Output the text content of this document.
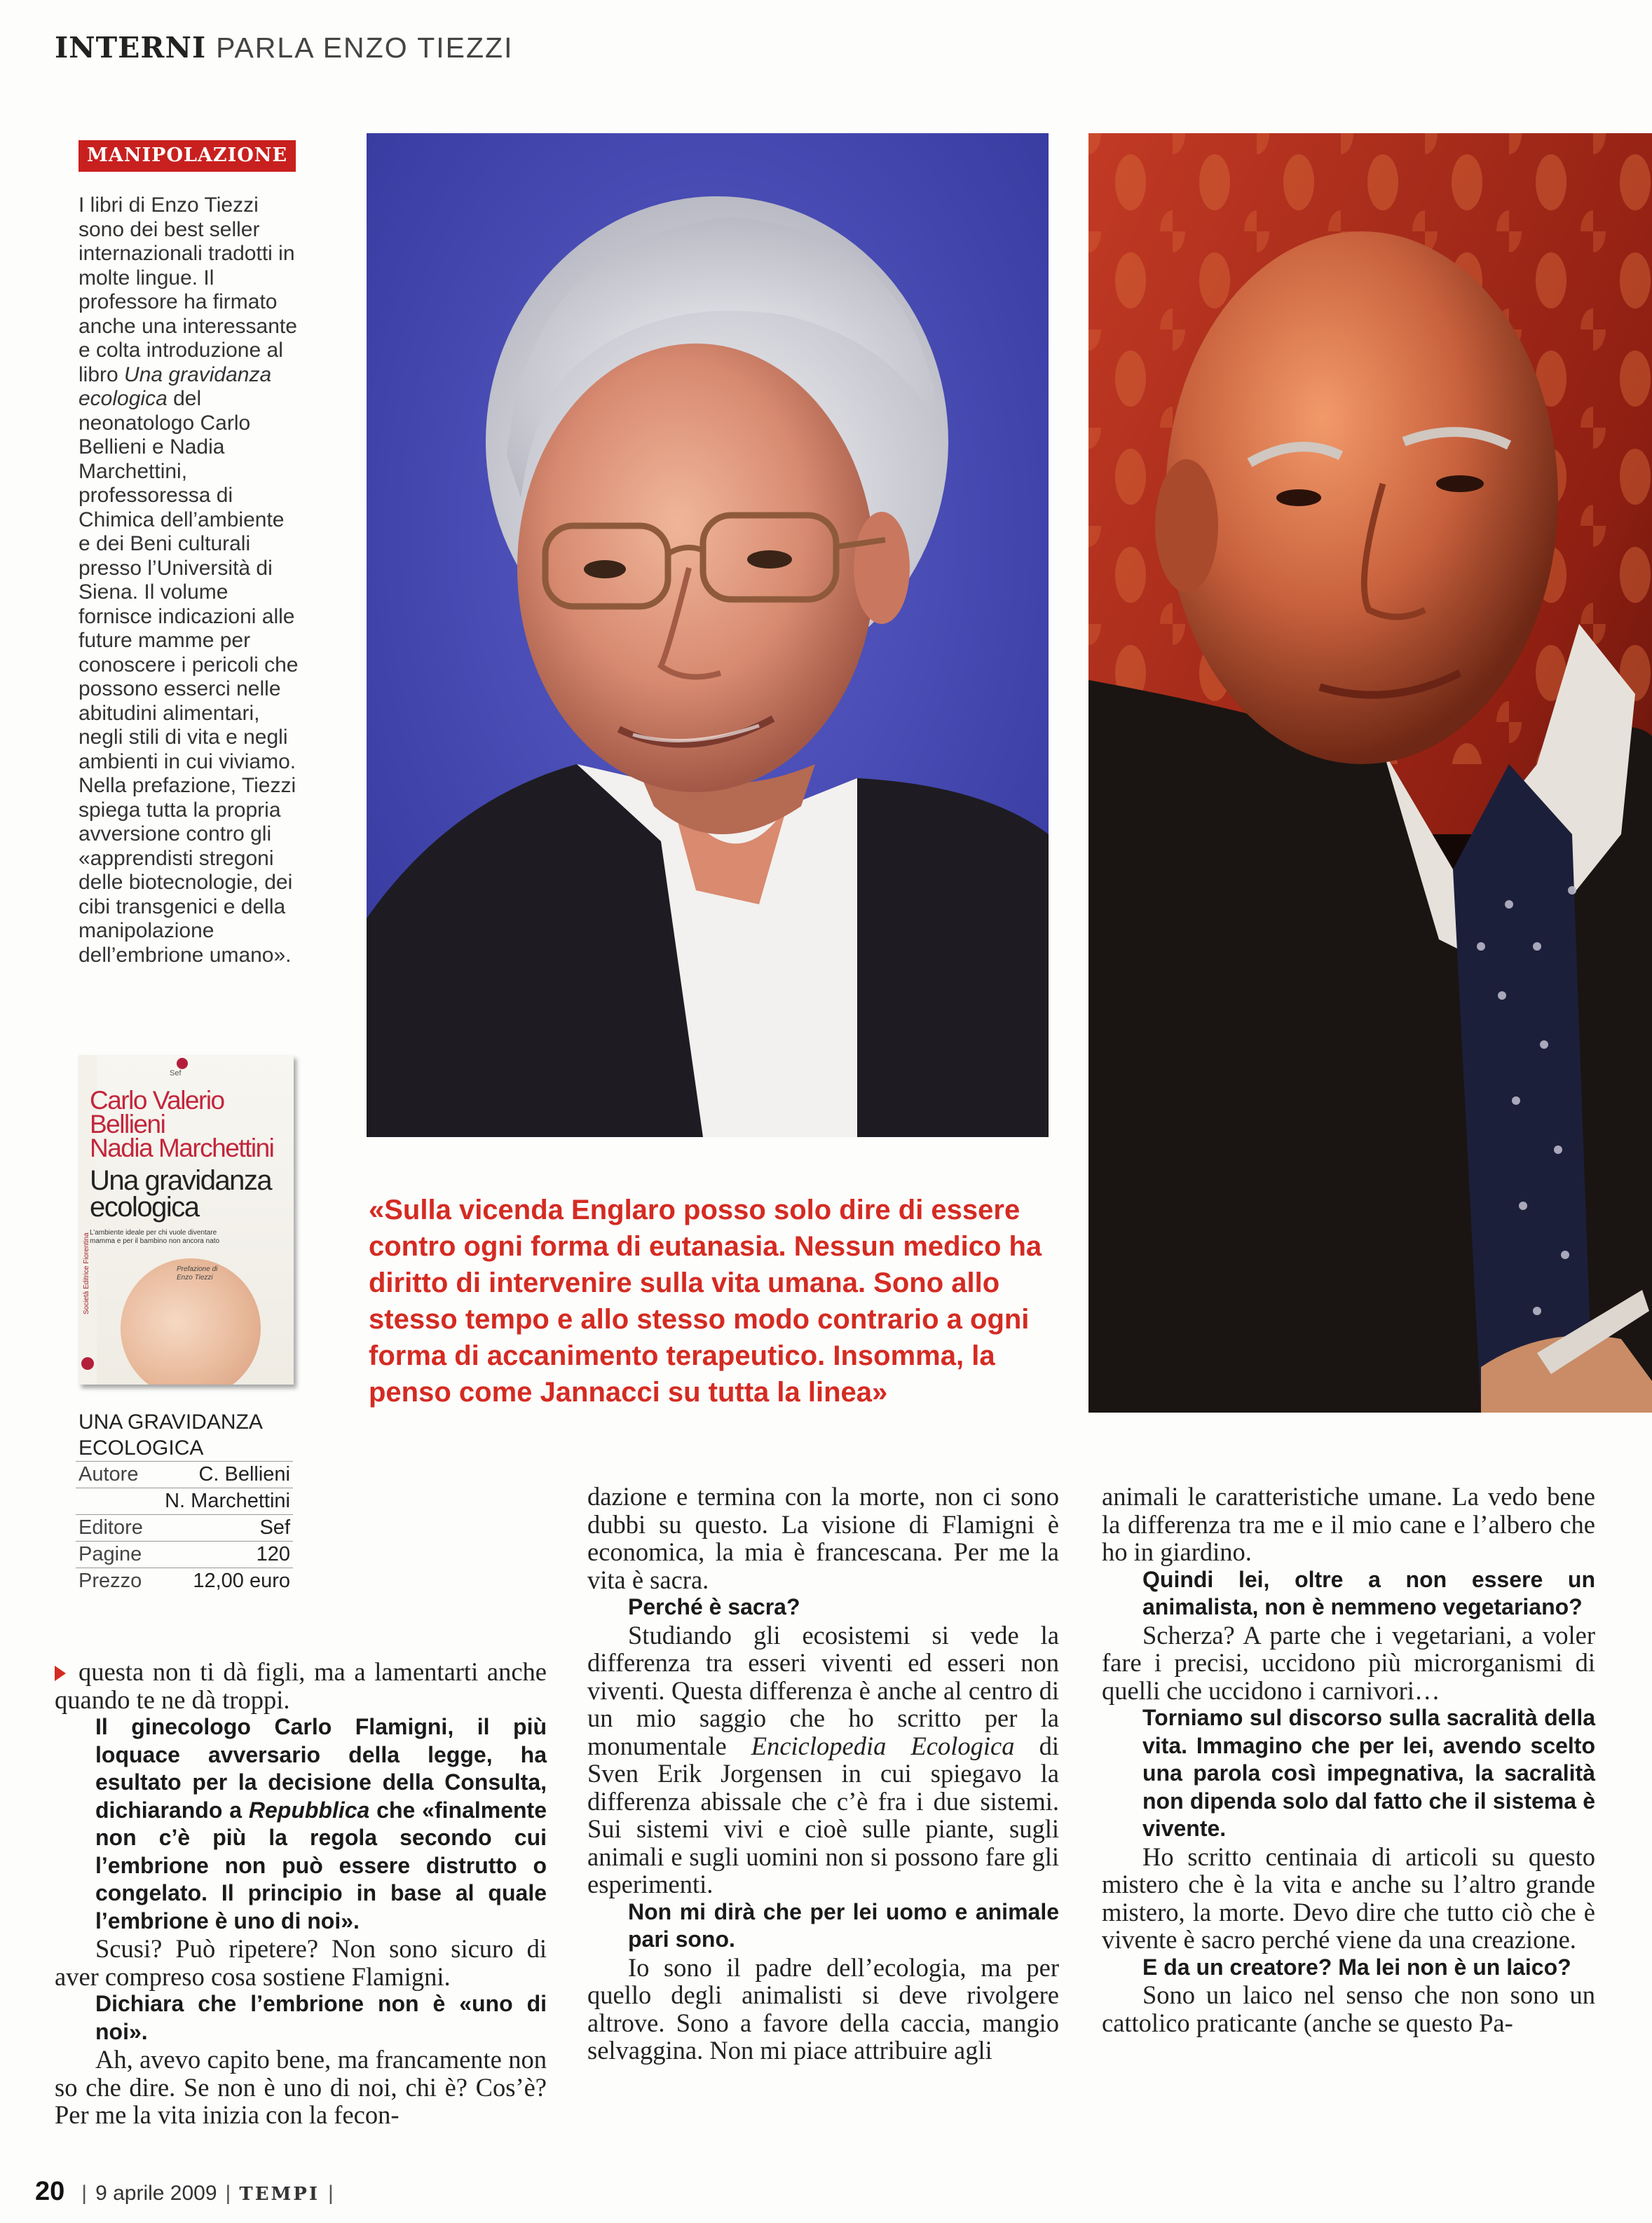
INTERNI PARLA ENZO TIEZZI
MANIPOLAZIONE
I libri di Enzo Tiezzi sono dei best seller internazionali tradotti in molte lingue. Il professore ha firmato anche una interessante e colta introduzione al libro Una gravidanza ecologica del neonatologo Carlo Bellieni e Nadia Marchettini, professoressa di Chimica dell’ambiente e dei Beni culturali presso l’Università di Siena. Il volume fornisce indicazioni alle future mamme per conoscere i pericoli che possono esserci nelle abitudini alimentari, negli stili di vita e negli ambienti in cui viviamo. Nella prefazione, Tiezzi spiega tutta la propria avversione contro gli «apprendisti stregoni delle biotecnologie, dei cibi transgenici e della manipolazione dell’embrione umano».
Società Editrice Fiorentina
Sef
Carlo Valerio
Bellieni
Nadia Marchettini
Una gravidanza
ecologica
L’ambiente ideale per chi vuole diventare mamma e per il bambino non ancora nato
Prefazione di
Enzo Tiezzi
UNA GRAVIDANZA
ECOLOGICA
Autore	C. Bellieni
	N. Marchettini
Editore	Sef
Pagine	120
Prezzo	12,00 euro
«Sulla vicenda Englaro posso solo dire di essere contro ogni forma di eutanasia. Nessun medico ha diritto di intervenire sulla vita umana. Sono allo stesso tempo e allo stesso modo contrario a ogni forma di accanimento terapeutico. Insomma, la penso come Jannacci su tutta la linea»

questa non ti dà figli, ma a lamentarti anche quando te ne dà troppi.

Il ginecologo Carlo Flamigni, il più loquace avversario della legge, ha esultato per la decisione della Consulta, dichiarando a Repubblica che «finalmente non c’è più la regola secondo cui l’embrione non può essere distrutto o congelato. Il principio in base al quale l’embrione è uno di noi».

Scusi? Può ripetere? Non sono sicuro di aver compreso cosa sostiene Flamigni.

Dichiara che l’embrione non è «uno di noi».

Ah, avevo capito bene, ma francamente non so che dire. Se non è uno di noi, chi è? Cos’è? Per me la vita inizia con la fecon-

dazione e termina con la morte, non ci sono dubbi su questo. La visione di Flamigni è economica, la mia è francescana. Per me la vita è sacra.

Perché è sacra?

Studiando gli ecosistemi si vede la differenza tra esseri viventi ed esseri non viventi. Questa differenza è anche al centro di un mio saggio che ho scritto per la monumentale Enciclopedia Ecologica di Sven Erik Jorgensen in cui spiegavo la differenza abissale che c’è fra i due sistemi. Sui sistemi vivi e cioè sulle piante, sugli animali e sugli uomini non si possono fare gli esperimenti.

Non mi dirà che per lei uomo e animale pari sono.

Io sono il padre dell’ecologia, ma per quello degli animalisti si deve rivolgere altrove. Sono a favore della caccia, mangio selvaggina. Non mi piace attribuire agli

animali le caratteristiche umane. La vedo bene la differenza tra me e il mio cane e l’albero che ho in giardino.

Quindi lei, oltre a non essere un animalista, non è nemmeno vegetariano?

Scherza? A parte che i vegetariani, a voler fare i precisi, uccidono più microrganismi di quelli che uccidono i carnivori…

Torniamo sul discorso sulla sacralità della vita. Immagino che per lei, avendo scelto una parola così impegnativa, la sacralità non dipenda solo dal fatto che il sistema è vivente.

Ho scritto centinaia di articoli su questo mistero che è la vita e anche su l’altro grande mistero, la morte. Devo dire che tutto ciò che è vivente è sacro perché viene da una creazione.

E da un creatore? Ma lei non è un laico?

Sono un laico nel senso che non sono un cattolico praticante (anche se questo Pa-

20 | 9 aprile 2009 | TEMPI |
